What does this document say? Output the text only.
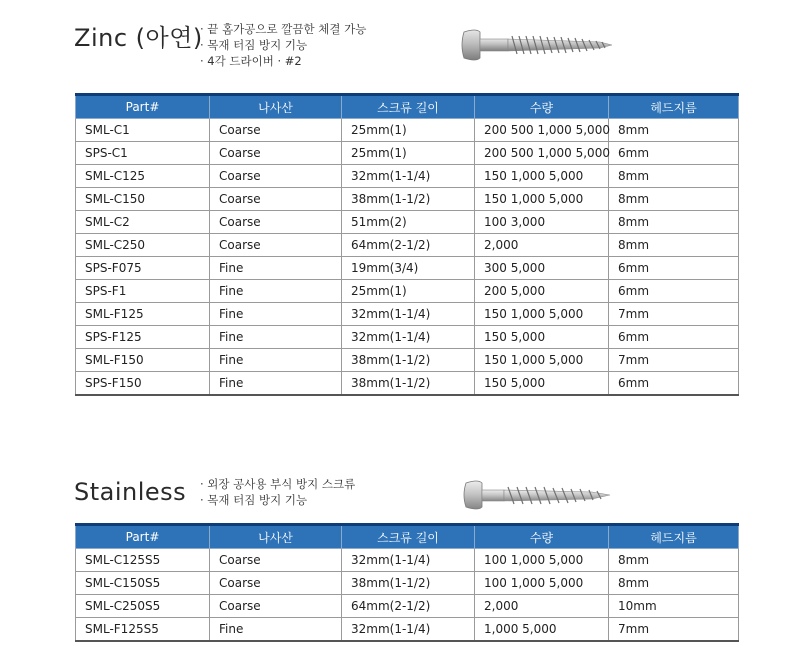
Zinc (아연)
· 끝 홈가공으로 깔끔한 체결 가능
· 목재 터짐 방지 기능
· 4각 드라이버 · #2
Part#	나사산	스크류 길이	수량	헤드지름
SML-C1	Coarse	25mm(1)	200 500 1,000 5,000	8mm
SPS-C1	Coarse	25mm(1)	200 500 1,000 5,000	6mm
SML-C125	Coarse	32mm(1-1/4)	150 1,000 5,000	8mm
SML-C150	Coarse	38mm(1-1/2)	150 1,000 5,000	8mm
SML-C2	Coarse	51mm(2)	100 3,000	8mm
SML-C250	Coarse	64mm(2-1/2)	2,000	8mm
SPS-F075	Fine	19mm(3/4)	300 5,000	6mm
SPS-F1	Fine	25mm(1)	200 5,000	6mm
SML-F125	Fine	32mm(1-1/4)	150 1,000 5,000	7mm
SPS-F125	Fine	32mm(1-1/4)	150 5,000	6mm
SML-F150	Fine	38mm(1-1/2)	150 1,000 5,000	7mm
SPS-F150	Fine	38mm(1-1/2)	150 5,000	6mm
Stainless · 외장 공사용 부식 방지 스크류
· 목재 터짐 방지 기능
Part#	나사산	스크류 길이	수량	헤드지름
SML-C125S5	Coarse	32mm(1-1/4)	100 1,000 5,000	8mm
SML-C150S5	Coarse	38mm(1-1/2)	100 1,000 5,000	8mm
SML-C250S5	Coarse	64mm(2-1/2)	2,000	10mm
SML-F125S5	Fine	32mm(1-1/4)	1,000 5,000	7mm
